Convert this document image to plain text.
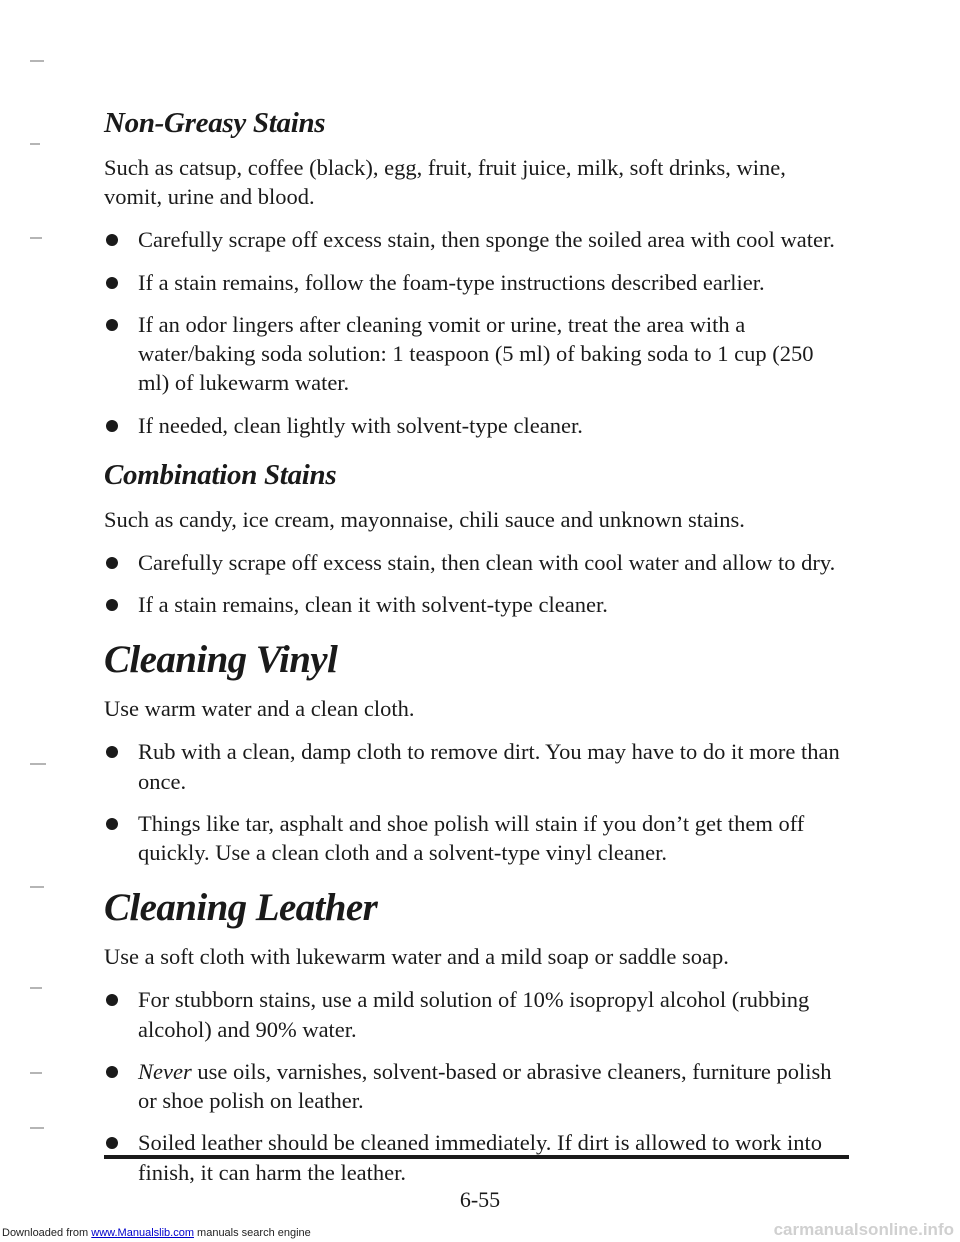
Non-Greasy Stains

Such as catsup, coffee (black), egg, fruit, fruit juice, milk, soft drinks, wine, vomit, urine and blood.

Carefully scrape off excess stain, then sponge the soiled area with cool water.
If a stain remains, follow the foam-type instructions described earlier.
If an odor lingers after cleaning vomit or urine, treat the area with a water/baking soda solution: 1 teaspoon (5 ml) of baking soda to 1 cup (250 ml) of lukewarm water.
If needed, clean lightly with solvent-type cleaner.
Combination Stains

Such as candy, ice cream, mayonnaise, chili sauce and unknown stains.

Carefully scrape off excess stain, then clean with cool water and allow to dry.
If a stain remains, clean it with solvent-type cleaner.
Cleaning Vinyl

Use warm water and a clean cloth.

Rub with a clean, damp cloth to remove dirt. You may have to do it more than once.
Things like tar, asphalt and shoe polish will stain if you don’t get them off quickly. Use a clean cloth and a solvent-type vinyl cleaner.
Cleaning Leather

Use a soft cloth with lukewarm water and a mild soap or saddle soap.

For stubborn stains, use a mild solution of 10% isopropyl alcohol (rubbing alcohol) and 90% water.
Never use oils, varnishes, solvent-based or abrasive cleaners, furniture polish or shoe polish on leather.
Soiled leather should be cleaned immediately. If dirt is allowed to work into finish, it can harm the leather.
6-55
Downloaded from www.Manualslib.com manuals search engine	carmanualsonline.info
